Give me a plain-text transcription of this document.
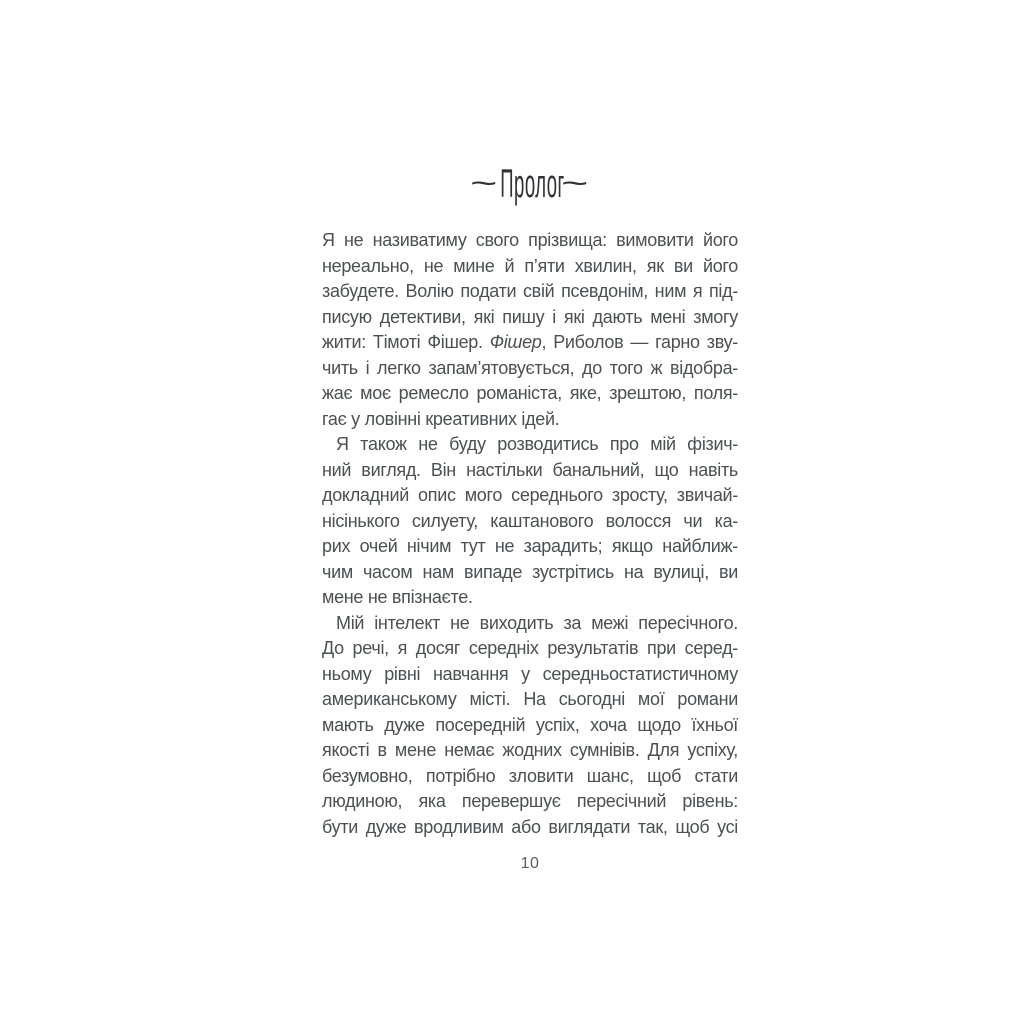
~ Пролог
~
Я не називатиму свого прізвища: вимовити його
нереально, не мине й п’яти хвилин, як ви його
забудете. Волію подати свій псевдонім, ним я під-
писую детективи, які пишу і які дають мені змогу
жити: Тімоті Фішер. Фішер, Риболов — гарно зву-
чить і легко запам’ятовується, до того ж відобра-
жає моє ремесло романіста, яке, зрештою, поля-
гає у ловінні креативних ідей.
Я також не буду розводитись про мій фізич-
ний вигляд. Він настільки банальний, що навіть
докладний опис мого середнього зросту, звичай-
нісінького силуету, каштанового волосся чи ка-
рих очей нічим тут не зарадить; якщо найближ-
чим часом нам випаде зустрітись на вулиці, ви
мене не впізнаєте.
Мій інтелект не виходить за межі пересічного.
До речі, я досяг середніх результатів при серед-
ньому рівні навчання у середньостатистичному
американському місті. На сьогодні мої романи
мають дуже посередній успіх, хоча щодо їхньої
якості в мене немає жодних сумнівів. Для успіху,
безумовно, потрібно зловити шанс, щоб стати
людиною, яка перевершує пересічний рівень:
бути дуже вродливим або виглядати так, щоб усі
10
